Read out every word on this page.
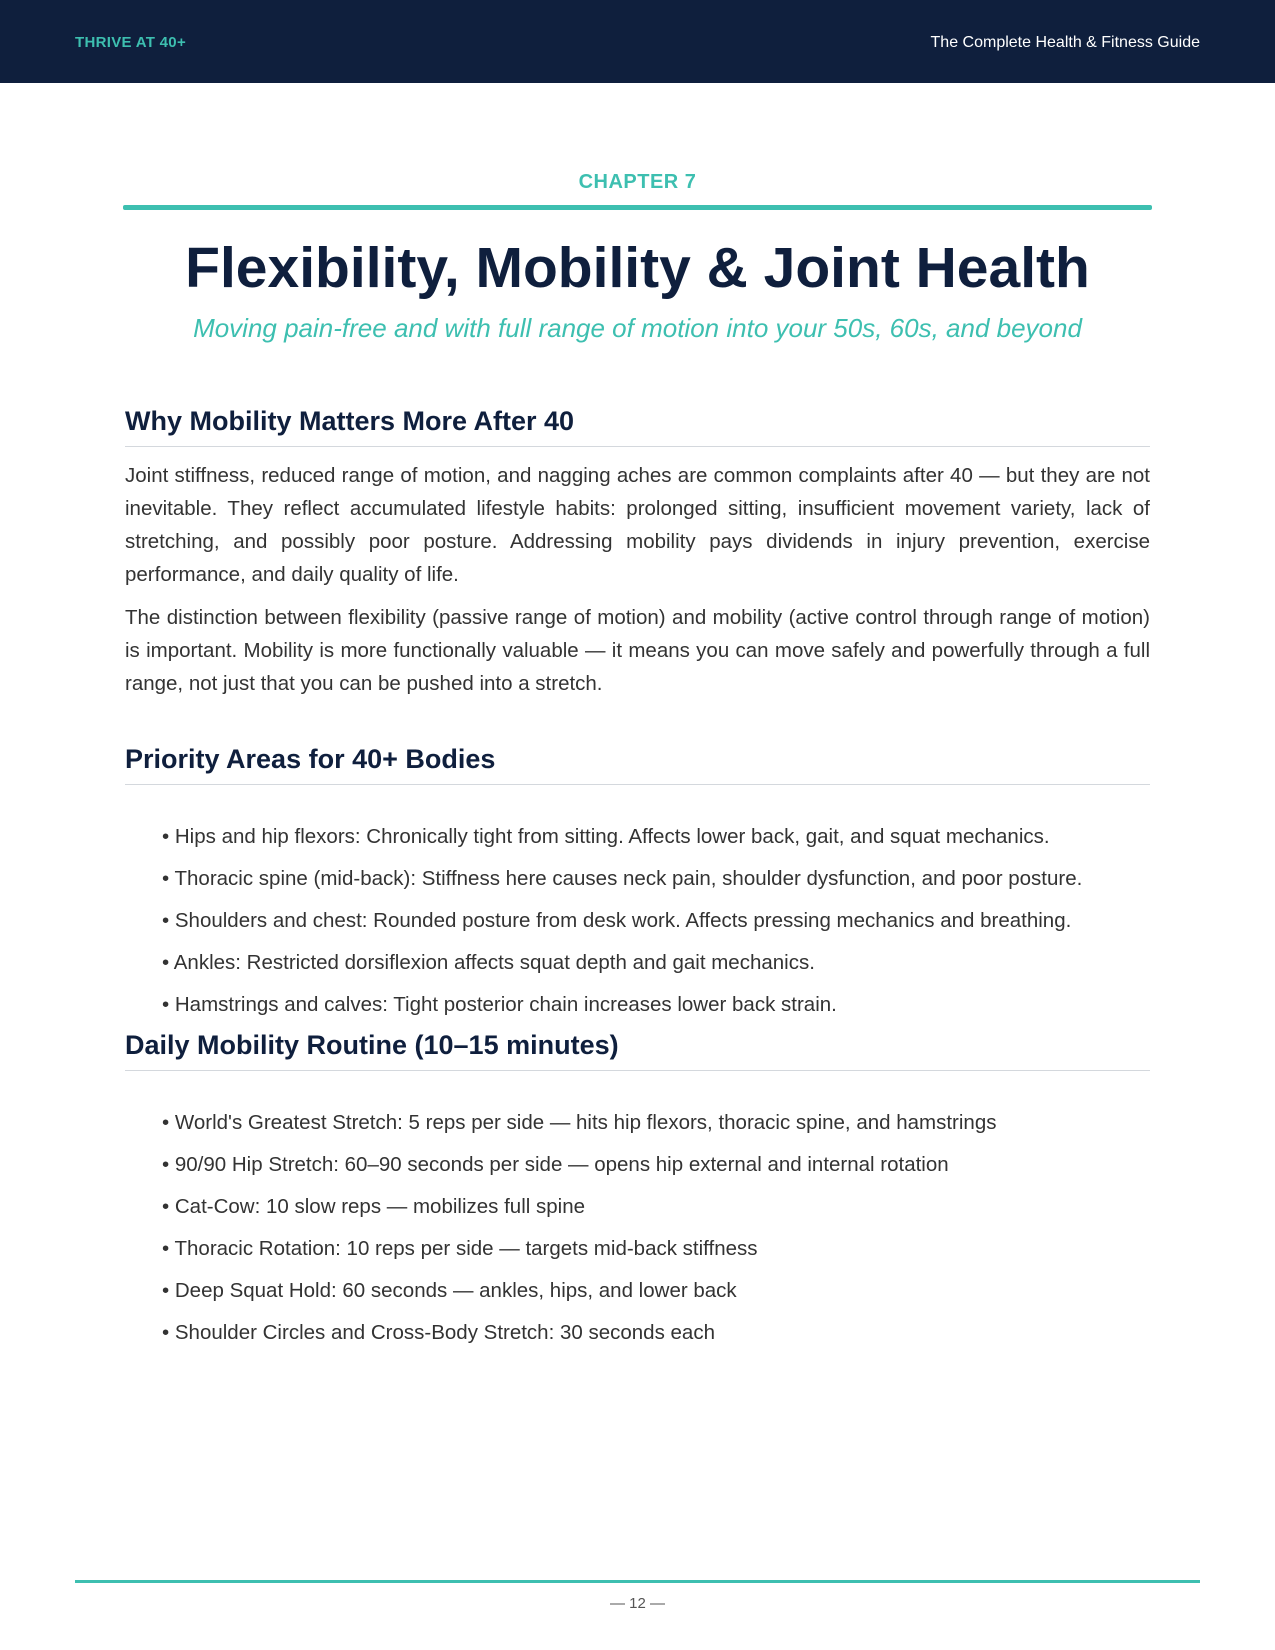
THRIVE AT 40+	The Complete Health & Fitness Guide
CHAPTER 7
Flexibility, Mobility & Joint Health
Moving pain-free and with full range of motion into your 50s, 60s, and beyond
Why Mobility Matters More After 40

Joint stiffness, reduced range of motion, and nagging aches are common complaints after 40 — but they are not inevitable. They reflect accumulated lifestyle habits: prolonged sitting, insufficient movement variety, lack of stretching, and possibly poor posture. Addressing mobility pays dividends in injury prevention, exercise performance, and daily quality of life.

The distinction between flexibility (passive range of motion) and mobility (active control through range of motion) is important. Mobility is more functionally valuable — it means you can move safely and powerfully through a full range, not just that you can be pushed into a stretch.

Priority Areas for 40+ Bodies
• Hips and hip flexors: Chronically tight from sitting. Affects lower back, gait, and squat mechanics.
• Thoracic spine (mid-back): Stiffness here causes neck pain, shoulder dysfunction, and poor posture.
• Shoulders and chest: Rounded posture from desk work. Affects pressing mechanics and breathing.
• Ankles: Restricted dorsiflexion affects squat depth and gait mechanics.
• Hamstrings and calves: Tight posterior chain increases lower back strain.
Daily Mobility Routine (10–15 minutes)
• World's Greatest Stretch: 5 reps per side — hits hip flexors, thoracic spine, and hamstrings
• 90/90 Hip Stretch: 60–90 seconds per side — opens hip external and internal rotation
• Cat-Cow: 10 slow reps — mobilizes full spine
• Thoracic Rotation: 10 reps per side — targets mid-back stiffness
• Deep Squat Hold: 60 seconds — ankles, hips, and lower back
• Shoulder Circles and Cross-Body Stretch: 30 seconds each
— 12 —
